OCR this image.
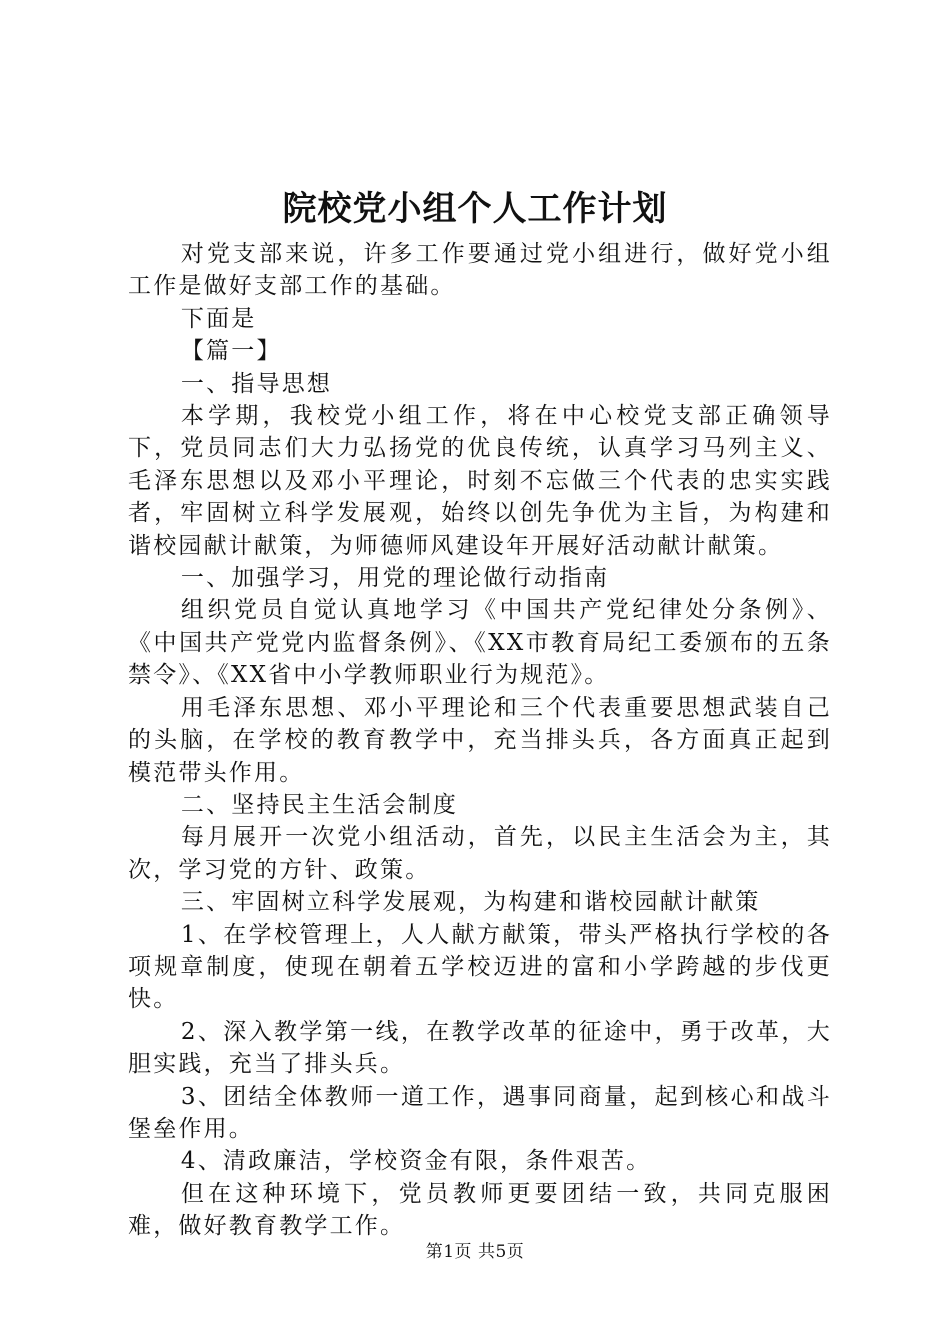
院校党小组个人工作计划

对党支部来说，许多工作要通过党小组进行，做好党小组工作是做好支部工作的基础。

下面是

【篇一】

一、指导思想

本学期，我校党小组工作，将在中心校党支部正确领导下，党员同志们大力弘扬党的优良传统，认真学习马列主义、毛泽东思想以及邓小平理论，时刻不忘做三个代表的忠实实践者，牢固树立科学发展观，始终以创先争优为主旨，为构建和谐校园献计献策，为师德师风建设年开展好活动献计献策。

一、加强学习，用党的理论做行动指南

组织党员自觉认真地学习《中国共产党纪律处分条例》、《中国共产党党内监督条例》、《XX市教育局纪工委颁布的五条禁令》、《XX省中小学教师职业行为规范》。

用毛泽东思想、邓小平理论和三个代表重要思想武装自己的头脑，在学校的教育教学中，充当排头兵，各方面真正起到模范带头作用。

二、坚持民主生活会制度

每月展开一次党小组活动，首先，以民主生活会为主，其次，学习党的方针、政策。

三、牢固树立科学发展观，为构建和谐校园献计献策

1、在学校管理上，人人献方献策，带头严格执行学校的各项规章制度，使现在朝着五学校迈进的富和小学跨越的步伐更快。

2、深入教学第一线，在教学改革的征途中，勇于改革，大胆实践，充当了排头兵。

3、团结全体教师一道工作，遇事同商量，起到核心和战斗堡垒作用。

4、清政廉洁，学校资金有限，条件艰苦。

但在这种环境下，党员教师更要团结一致，共同克服困难，做好教育教学工作。

第1页 共5页
